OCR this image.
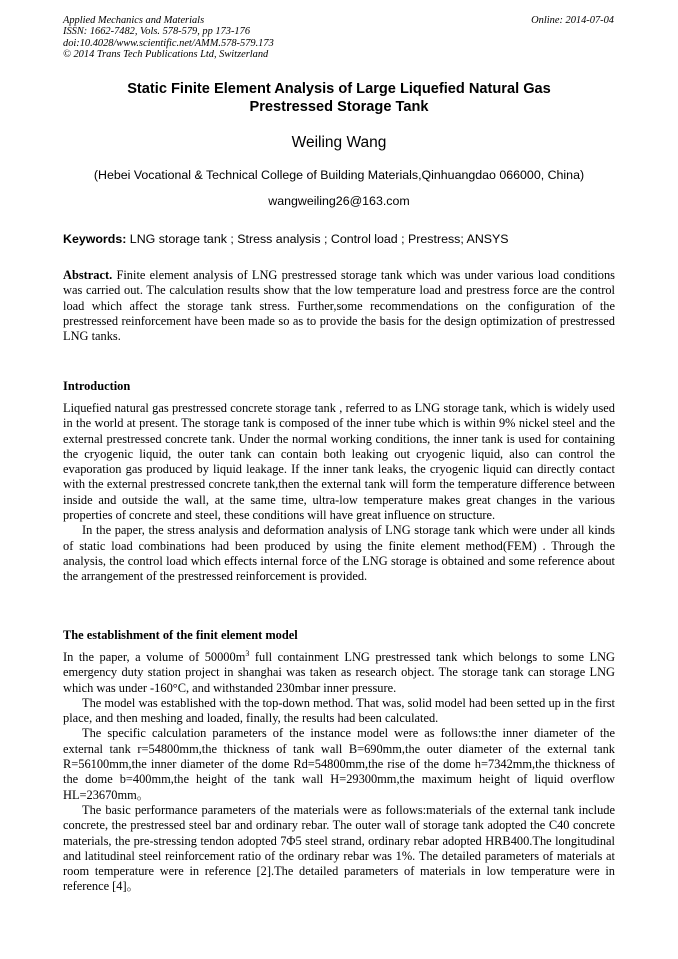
Applied Mechanics and Materials
ISSN: 1662-7482, Vols. 578-579, pp 173-176
doi:10.4028/www.scientific.net/AMM.578-579.173
© 2014 Trans Tech Publications Ltd, Switzerland
Online: 2014-07-04
Static Finite Element Analysis of Large Liquefied Natural Gas
Prestressed Storage Tank
Weiling Wang
(Hebei Vocational & Technical College of Building Materials,Qinhuangdao 066000, China)
wangweiling26@163.com
Keywords: LNG storage tank ; Stress analysis ; Control load ; Prestress; ANSYS

Abstract. Finite element analysis of LNG prestressed storage tank which was under various load conditions was carried out. The calculation results show that the low temperature load and prestress force are the control load which affect the storage tank stress. Further,some recommendations on the configuration of the prestressed reinforcement have been made so as to provide the basis for the design optimization of prestressed LNG tanks.

Introduction

Liquefied natural gas prestressed concrete storage tank , referred to as LNG storage tank, which is widely used in the world at present. The storage tank is composed of the inner tube which is within 9% nickel steel and the external prestressed concrete tank. Under the normal working conditions, the inner tank is used for containing the cryogenic liquid, the outer tank can contain both leaking out cryogenic liquid, also can control the evaporation gas produced by liquid leakage. If the inner tank leaks, the cryogenic liquid can directly contact with the external prestressed concrete tank,then the external tank will form the temperature difference between inside and outside the wall, at the same time, ultra-low temperature makes great changes in the various properties of concrete and steel, these conditions will have great influence on structure.

In the paper, the stress analysis and deformation analysis of LNG storage tank which were under all kinds of static load combinations had been produced by using the finite element method(FEM) . Through the analysis, the control load which effects internal force of the LNG storage is obtained and some reference about the arrangement of the prestressed reinforcement is provided.

The establishment of the finit element model

In the paper, a volume of $50000m^3$ full containment LNG prestressed tank which belongs to some LNG emergency duty station project in shanghai was taken as research object. The storage tank can storage LNG which was under -160°C, and withstanded 230mbar inner pressure.

The model was established with the top-down method. That was, solid model had been setted up in the first place, and then meshing and loaded, finally, the results had been calculated.

The specific calculation parameters of the instance model were as follows:the inner diameter of the external tank r=54800mm,the thickness of tank wall B=690mm,the outer diameter of the external tank R=56100mm,the inner diameter of the dome Rd=54800mm,the rise of the dome h=7342mm,the thickness of the dome b=400mm,the height of the tank wall H=29300mm,the maximum height of liquid overflow HL=23670mm。

The basic performance parameters of the materials were as follows:materials of the external tank include concrete, the prestressed steel bar and ordinary rebar. The outer wall of storage tank adopted the C40 concrete materials, the pre-stressing tendon adopted 7Φ5 steel strand, ordinary rebar adopted HRB400.The longitudinal and latitudinal steel reinforcement ratio of the ordinary rebar was 1%. The detailed parameters of materials at room temperature were in reference [2].The detailed parameters of materials in low temperature were in reference [4]。
